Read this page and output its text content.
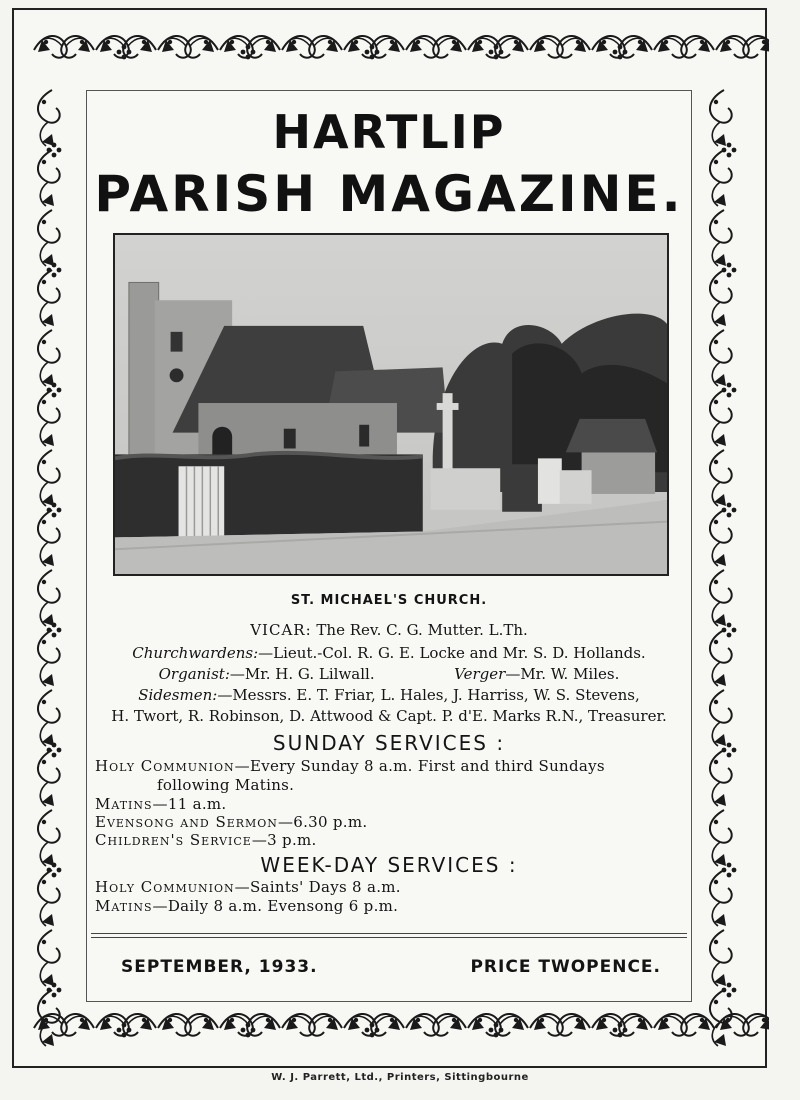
HARTLIP
PARISH MAGAZINE.
ST. MICHAEL'S CHURCH.
VICAR: The Rev. C. G. Mutter. L.Th.
Churchwardens:—Lieut.-Col. R. G. E. Locke and Mr. S. D. Hollands.
Organist:—Mr. H. G. Lilwall.	Verger—Mr. W. Miles.
Sidesmen:—Messrs. E. T. Friar, L. Hales, J. Harriss, W. S. Stevens,
H. Twort, R. Robinson, D. Attwood & Capt. P. d'E. Marks R.N., Treasurer.
SUNDAY SERVICES :
Holy Communion—Every Sunday 8 a.m. First and third Sundays
following Matins.
Matins—11 a.m.
Evensong and Sermon—6.30 p.m.
Children's Service—3 p.m.
WEEK-DAY SERVICES :
Holy Communion—Saints' Days 8 a.m.
Matins—Daily 8 a.m. Evensong 6 p.m.
SEPTEMBER, 1933.	PRICE TWOPENCE.
W. J. Parrett, Ltd., Printers, Sittingbourne
